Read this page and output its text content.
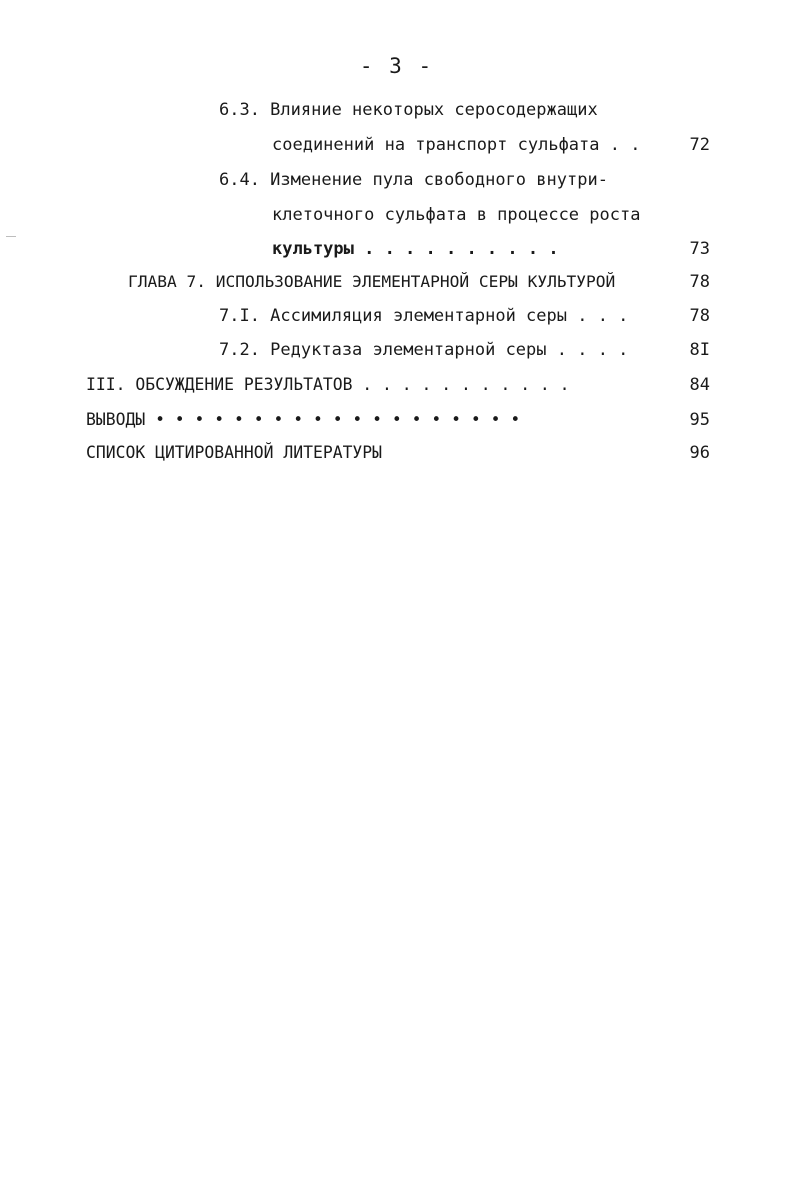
- 3 -
6.3. Влияние некоторых серосодержащих
соединений на транспорт сульфата . .	72
6.4. Изменение пула свободного внутри-
клеточного сульфата в процессе роста
культуры . . . . . . . . . .	73
ГЛАВА 7. ИСПОЛЬЗОВАНИЕ ЭЛЕМЕНТАРНОЙ СЕРЫ КУЛЬТУРОЙ	78
7.I. Ассимиляция элементарной серы . . .	78
7.2. Редуктаза элементарной серы . . . .	8I
III. ОБСУЖДЕНИЕ РЕЗУЛЬТАТОВ . . . . . . . . . . .	84
ВЫВОДЫ • • • • • • • • • • • • • • • • • • •	95
СПИСОК ЦИТИРОВАННОЙ ЛИТЕРАТУРЫ	96
